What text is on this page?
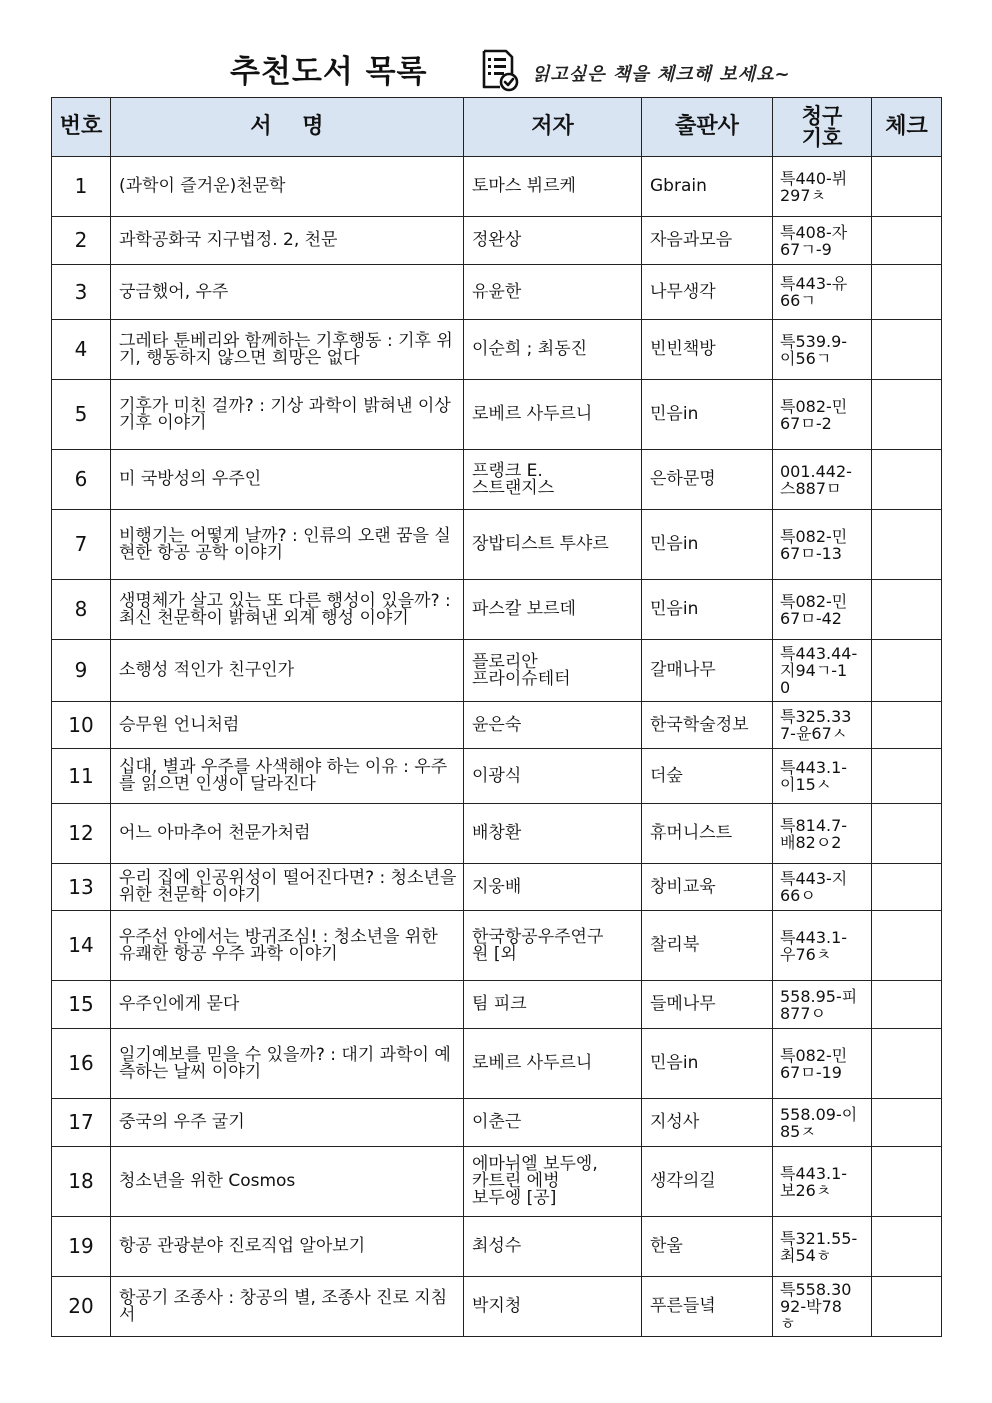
추천도서 목록	읽고싶은 책을 체크해 보세요~
번호	서    명	저자	출판사	청구
기호	체크
1	(과학이 즐거운)천문학	토마스 뷔르케	Gbrain	특440-뷔
297ㅊ	
2	과학공화국 지구법정. 2, 천문	정완상	자음과모음	특408-자
67ㄱ-9	
3	궁금했어, 우주	유윤한	나무생각	특443-유
66ㄱ	
4	그레타 툰베리와 함께하는 기후행동 : 기후 위기, 행동하지 않으면 희망은 없다	이순희 ; 최동진	빈빈책방	특539.9-
이56ㄱ	
5	기후가 미친 걸까? : 기상 과학이 밝혀낸 이상 기후 이야기	로베르 사두르니	민음in	특082-민
67ㅁ-2	
6	미 국방성의 우주인	프랭크 E.
스트랜지스	은하문명	001.442-
스887ㅁ	
7	비행기는 어떻게 날까? : 인류의 오랜 꿈을 실현한 항공 공학 이야기	장밥티스트 투샤르	민음in	특082-민
67ㅁ-13	
8	생명체가 살고 있는 또 다른 행성이 있을까? : 최신 천문학이 밝혀낸 외계 행성 이야기	파스칼 보르데	민음in	특082-민
67ㅁ-42	
9	소행성 적인가 친구인가	플로리안
프라이슈테터	갈매나무	특443.44-
지94ㄱ-1
0	
10	승무원 언니처럼	윤은숙	한국학술정보	특325.33
7-윤67ㅅ	
11	십대, 별과 우주를 사색해야 하는 이유 : 우주를 읽으면 인생이 달라진다	이광식	더숲	특443.1-
이15ㅅ	
12	어느 아마추어 천문가처럼	배창환	휴머니스트	특814.7-
배82ㅇ2	
13	우리 집에 인공위성이 떨어진다면? : 청소년을 위한 천문학 이야기	지웅배	창비교육	특443-지
66ㅇ	
14	우주선 안에서는 방귀조심! : 청소년을 위한 유쾌한 항공 우주 과학 이야기	한국항공우주연구
원 [외	찰리북	특443.1-
우76ㅊ	
15	우주인에게 묻다	팀 피크	들메나무	558.95-피
877ㅇ	
16	일기예보를 믿을 수 있을까? : 대기 과학이 예측하는 날씨 이야기	로베르 사두르니	민음in	특082-민
67ㅁ-19	
17	중국의 우주 굴기	이춘근	지성사	558.09-이
85ㅈ	
18	청소년을 위한 Cosmos	에마뉘엘 보두엥,
카트린 에벙
보두엥 [공]	생각의길	특443.1-
보26ㅊ	
19	항공 관광분야 진로직업 알아보기	최성수	한울	특321.55-
최54ㅎ	
20	항공기 조종사 : 창공의 별, 조종사 진로 지침서	박지청	푸른들녘	특558.30
92-박78
ㅎ	
